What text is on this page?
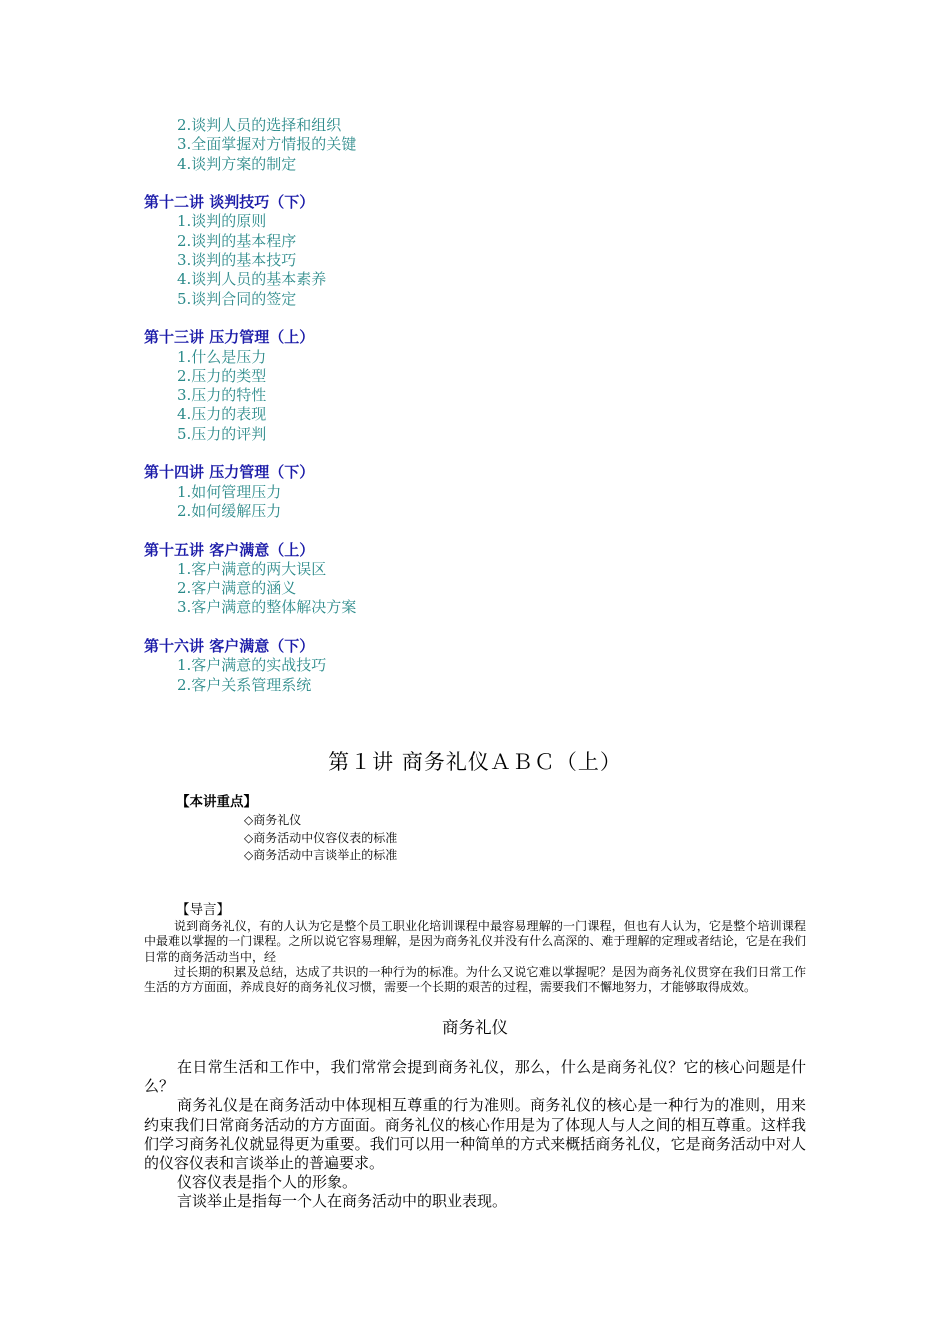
2.谈判人员的选择和组织
3.全面掌握对方情报的关键
4.谈判方案的制定
第十二讲 谈判技巧（下）
1.谈判的原则
2.谈判的基本程序
3.谈判的基本技巧
4.谈判人员的基本素养
5.谈判合同的签定
第十三讲 压力管理（上）
1.什么是压力
2.压力的类型
3.压力的特性
4.压力的表现
5.压力的评判
第十四讲 压力管理（下）
1.如何管理压力
2.如何缓解压力
第十五讲 客户满意（上）
1.客户满意的两大误区
2.客户满意的涵义
3.客户满意的整体解决方案
第十六讲 客户满意（下）
1.客户满意的实战技巧
2.客户关系管理系统
第１讲 商务礼仪ＡＢＣ（上）
【本讲重点】
◇商务礼仪
◇商务活动中仪容仪表的标准
◇商务活动中言谈举止的标准
【导言】

说到商务礼仪，有的人认为它是整个员工职业化培训课程中最容易理解的一门课程，但也有人认为，它是整个培训课程中最难以掌握的一门课程。之所以说它容易理解，是因为商务礼仪并没有什么高深的、难于理解的定理或者结论，它是在我们日常的商务活动当中，经

过长期的积累及总结，达成了共识的一种行为的标准。为什么又说它难以掌握呢？是因为商务礼仪贯穿在我们日常工作生活的方方面面，养成良好的商务礼仪习惯，需要一个长期的艰苦的过程，需要我们不懈地努力，才能够取得成效。

商务礼仪

在日常生活和工作中，我们常常会提到商务礼仪，那么，什么是商务礼仪？它的核心问题是什么？

商务礼仪是在商务活动中体现相互尊重的行为准则。商务礼仪的核心是一种行为的准则，用来约束我们日常商务活动的方方面面。商务礼仪的核心作用是为了体现人与人之间的相互尊重。这样我们学习商务礼仪就显得更为重要。我们可以用一种简单的方式来概括商务礼仪，它是商务活动中对人的仪容仪表和言谈举止的普遍要求。

仪容仪表是指个人的形象。

言谈举止是指每一个人在商务活动中的职业表现。
